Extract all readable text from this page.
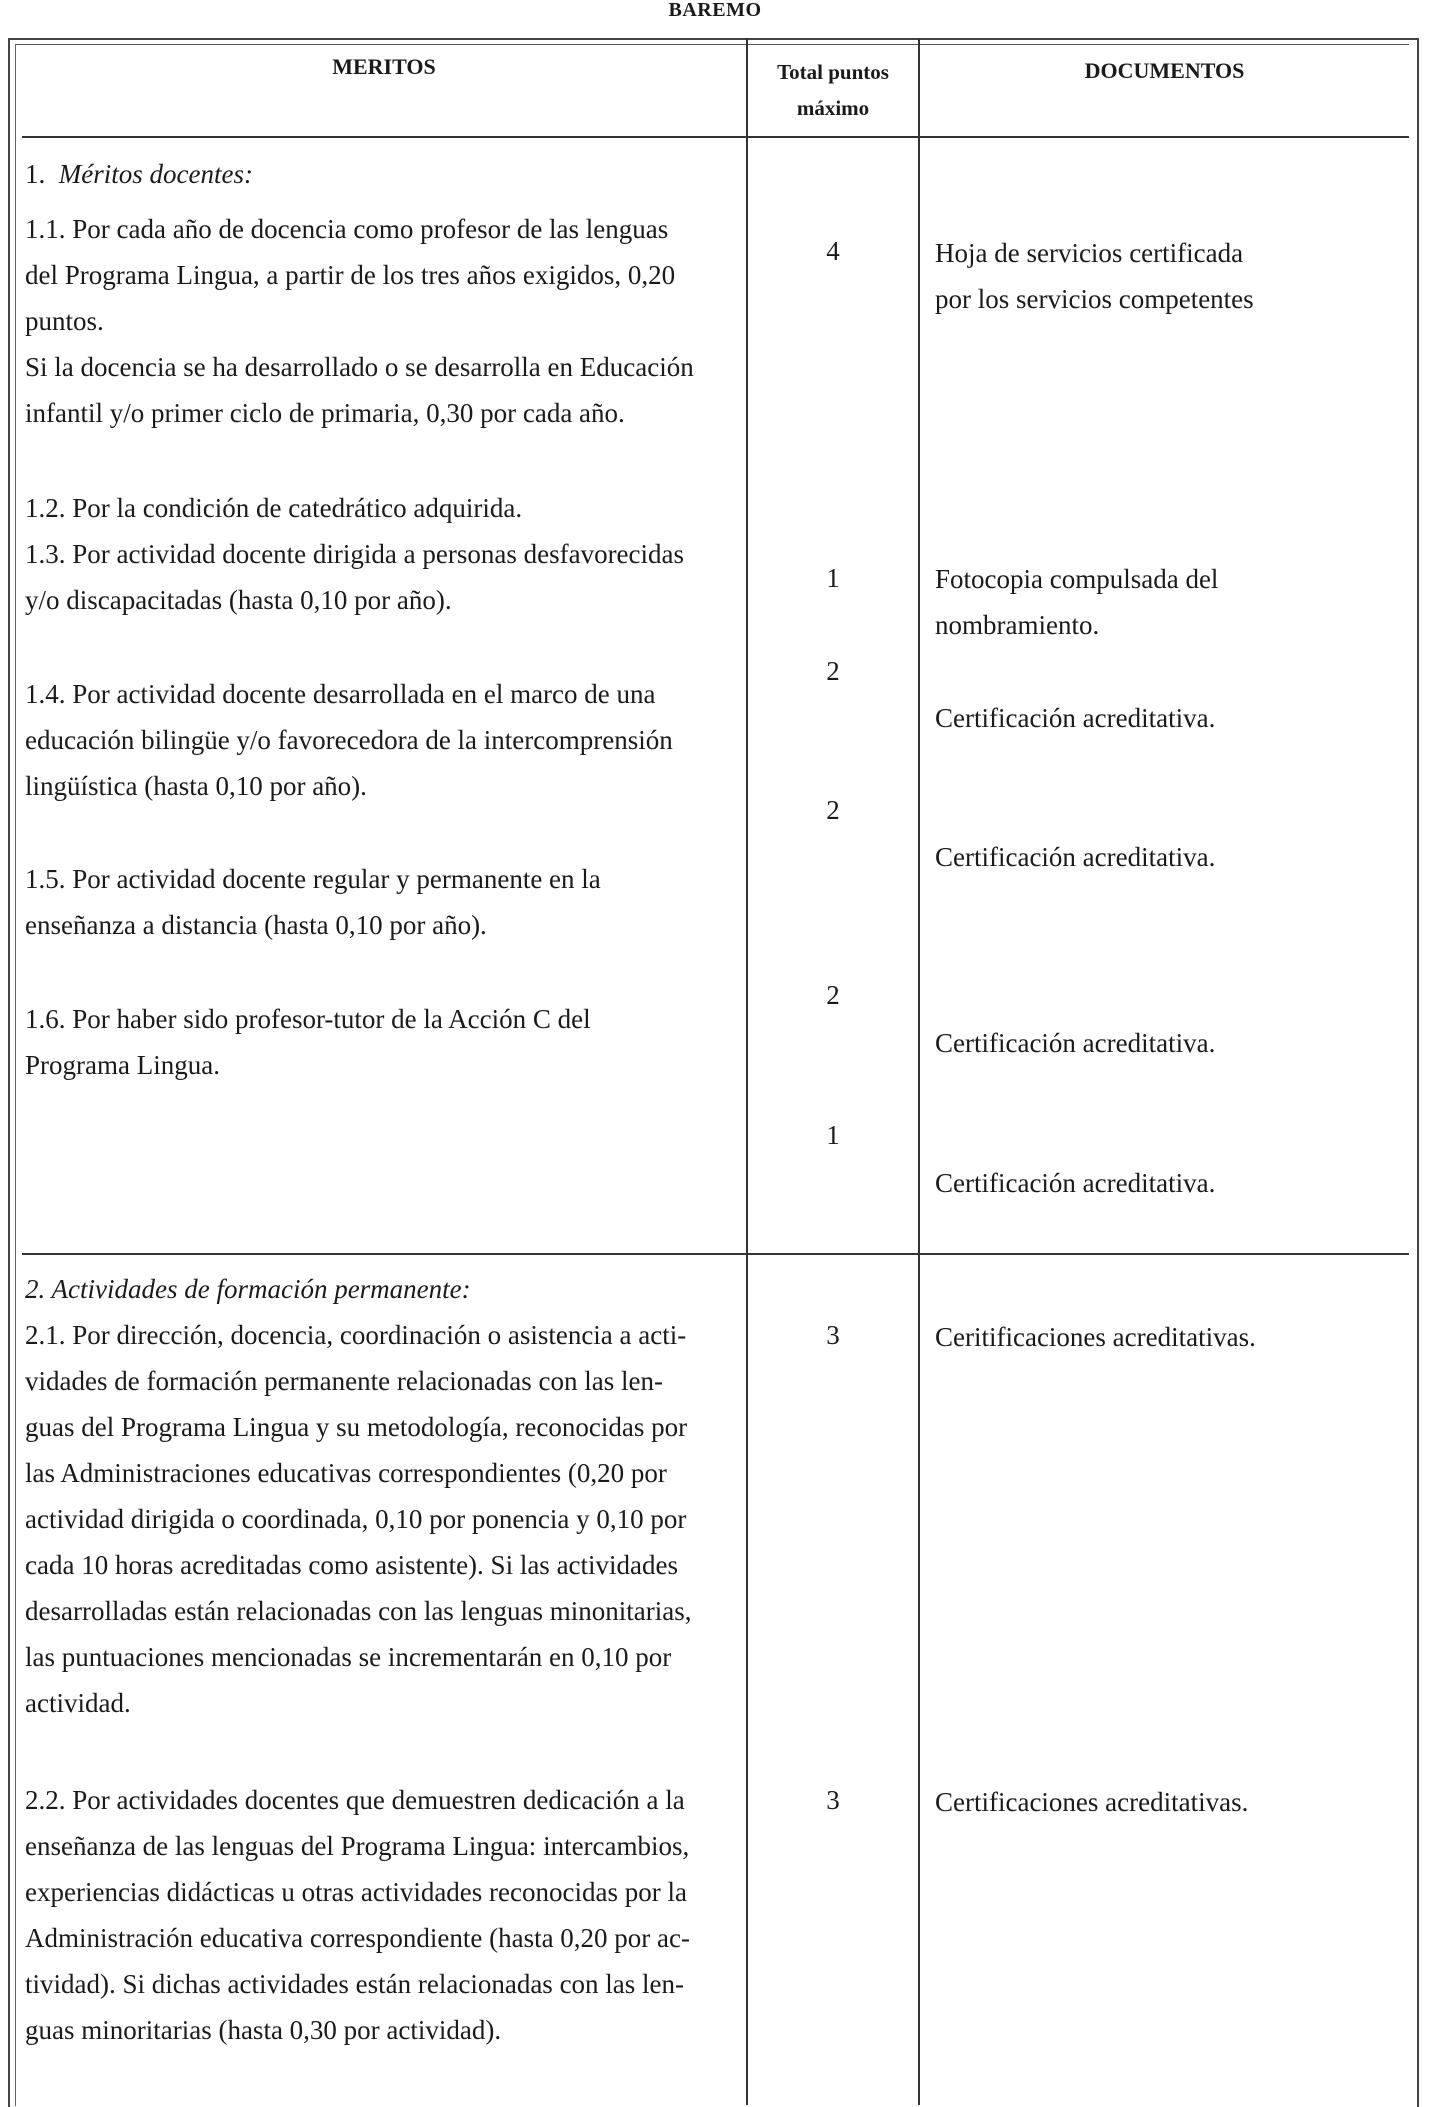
BAREMO
MERITOS	Total puntos
máximo
DOCUMENTOS
1. Méritos docentes:
1.1. Por cada año de docencia como profesor de las lenguas
del Programa Lingua, a partir de los tres años exigidos, 0,20
puntos.
Si la docencia se ha desarrollado o se desarrolla en Educación
infantil y/o primer ciclo de primaria, 0,30 por cada año.
1.2. Por la condición de catedrático adquirida.
1.3. Por actividad docente dirigida a personas desfavorecidas
y/o discapacitadas (hasta 0,10 por año).
1.4. Por actividad docente desarrollada en el marco de una
educación bilingüe y/o favorecedora de la intercomprensión
lingüística (hasta 0,10 por año).
1.5. Por actividad docente regular y permanente en la
enseñanza a distancia (hasta 0,10 por año).
1.6. Por haber sido profesor-tutor de la Acción C del
Programa Lingua.
4
1
2
2
2
1
Hoja de servicios certificada
por los servicios competentes
Fotocopia compulsada del
nombramiento.
Certificación acreditativa.
Certificación acreditativa.
Certificación acreditativa.
Certificación acreditativa.
2. Actividades de formación permanente:
2.1. Por dirección, docencia, coordinación o asistencia a acti-
vidades de formación permanente relacionadas con las len-
guas del Programa Lingua y su metodología, reconocidas por
las Administraciones educativas correspondientes (0,20 por
actividad dirigida o coordinada, 0,10 por ponencia y 0,10 por
cada 10 horas acreditadas como asistente). Si las actividades
desarrolladas están relacionadas con las lenguas minonitarias,
las puntuaciones mencionadas se incrementarán en 0,10 por
actividad.
2.2. Por actividades docentes que demuestren dedicación a la
enseñanza de las lenguas del Programa Lingua: intercambios,
experiencias didácticas u otras actividades reconocidas por la
Administración educativa correspondiente (hasta 0,20 por ac-
tividad). Si dichas actividades están relacionadas con las len-
guas minoritarias (hasta 0,30 por actividad).
3
3
Ceritificaciones acreditativas.
Certificaciones acreditativas.
